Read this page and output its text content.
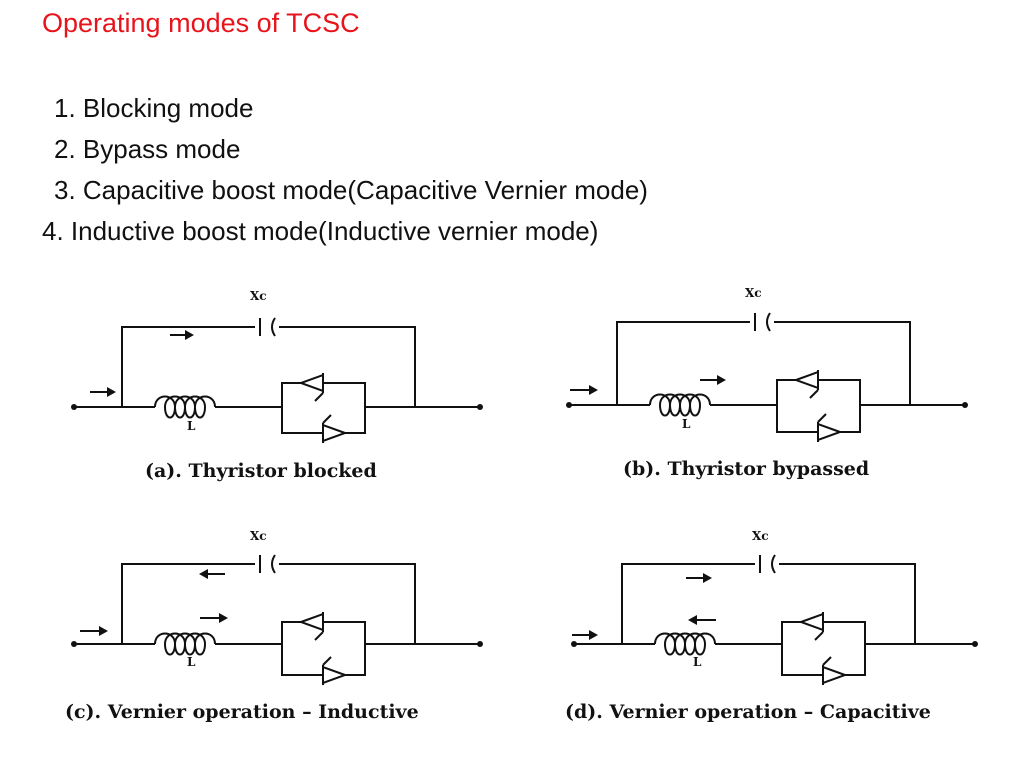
Operating modes of TCSC
1. Blocking mode
2. Bypass mode
3. Capacitive boost mode(Capacitive Vernier mode)
4. Inductive boost mode(Inductive vernier mode)
Xc
L
(a). Thyristor blocked
Xc
L
(b). Thyristor bypassed
Xc
L
(c). Vernier operation – Inductive
Xc
L
(d). Vernier operation – Capacitive
